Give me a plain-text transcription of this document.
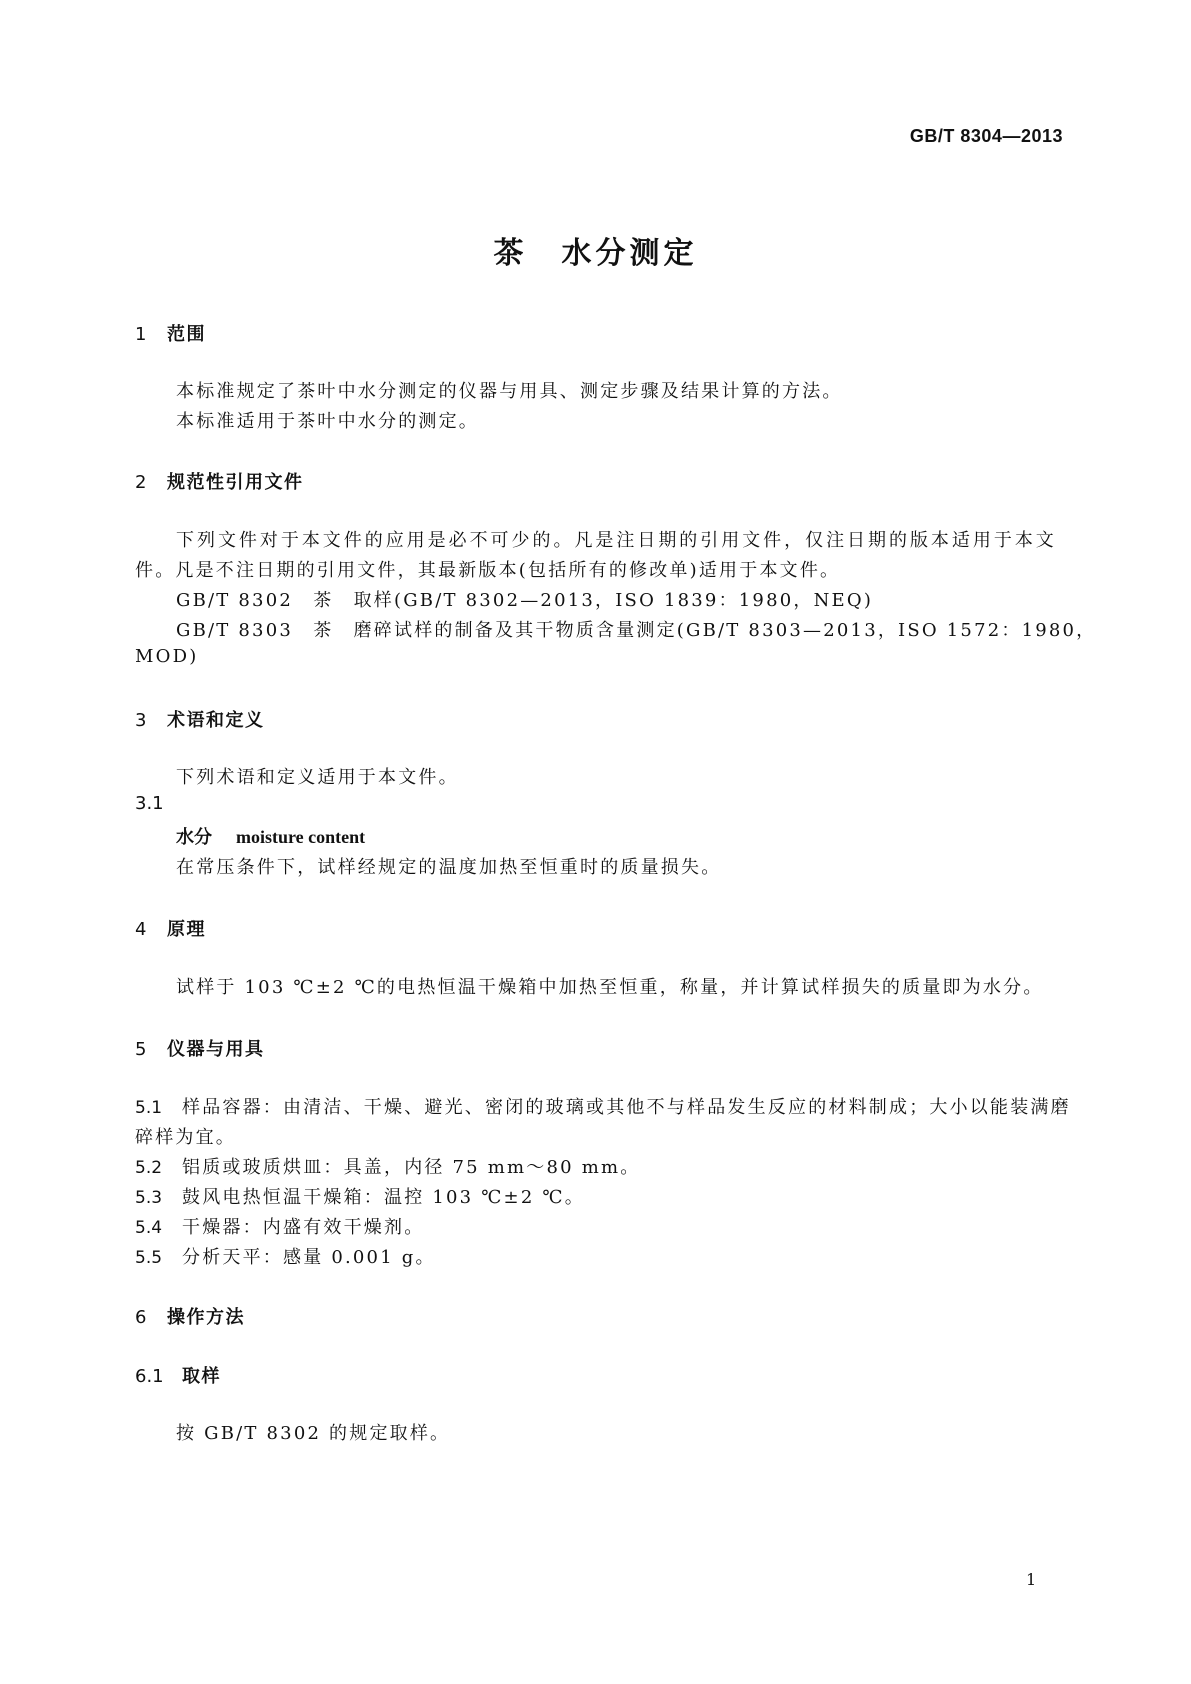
GB/T 8304—2013
茶　水分测定
1 范围
本标准规定了茶叶中水分测定的仪器与用具、测定步骤及结果计算的方法。
本标准适用于茶叶中水分的测定。
2 规范性引用文件
下列文件对于本文件的应用是必不可少的。凡是注日期的引用文件，仅注日期的版本适用于本文
件。凡是不注日期的引用文件，其最新版本(包括所有的修改单)适用于本文件。
GB/T 8302　茶　取样(GB/T 8302—2013，ISO 1839：1980，NEQ)
GB/T 8303　茶　磨碎试样的制备及其干物质含量测定(GB/T 8303—2013，ISO 1572：1980，
MOD)
3 术语和定义
下列术语和定义适用于本文件。
3.1
水分 moisture content
在常压条件下，试样经规定的温度加热至恒重时的质量损失。
4 原理
试样于 103 ℃±2 ℃的电热恒温干燥箱中加热至恒重，称量，并计算试样损失的质量即为水分。
5 仪器与用具
5.1 样品容器：由清洁、干燥、避光、密闭的玻璃或其他不与样品发生反应的材料制成；大小以能装满磨
碎样为宜。
5.2 铝质或玻质烘皿：具盖，内径 75 mm～80 mm。
5.3 鼓风电热恒温干燥箱：温控 103 ℃±2 ℃。
5.4 干燥器：内盛有效干燥剂。
5.5 分析天平：感量 0.001 g。
6 操作方法
6.1 取样
按 GB/T 8302 的规定取样。
1
